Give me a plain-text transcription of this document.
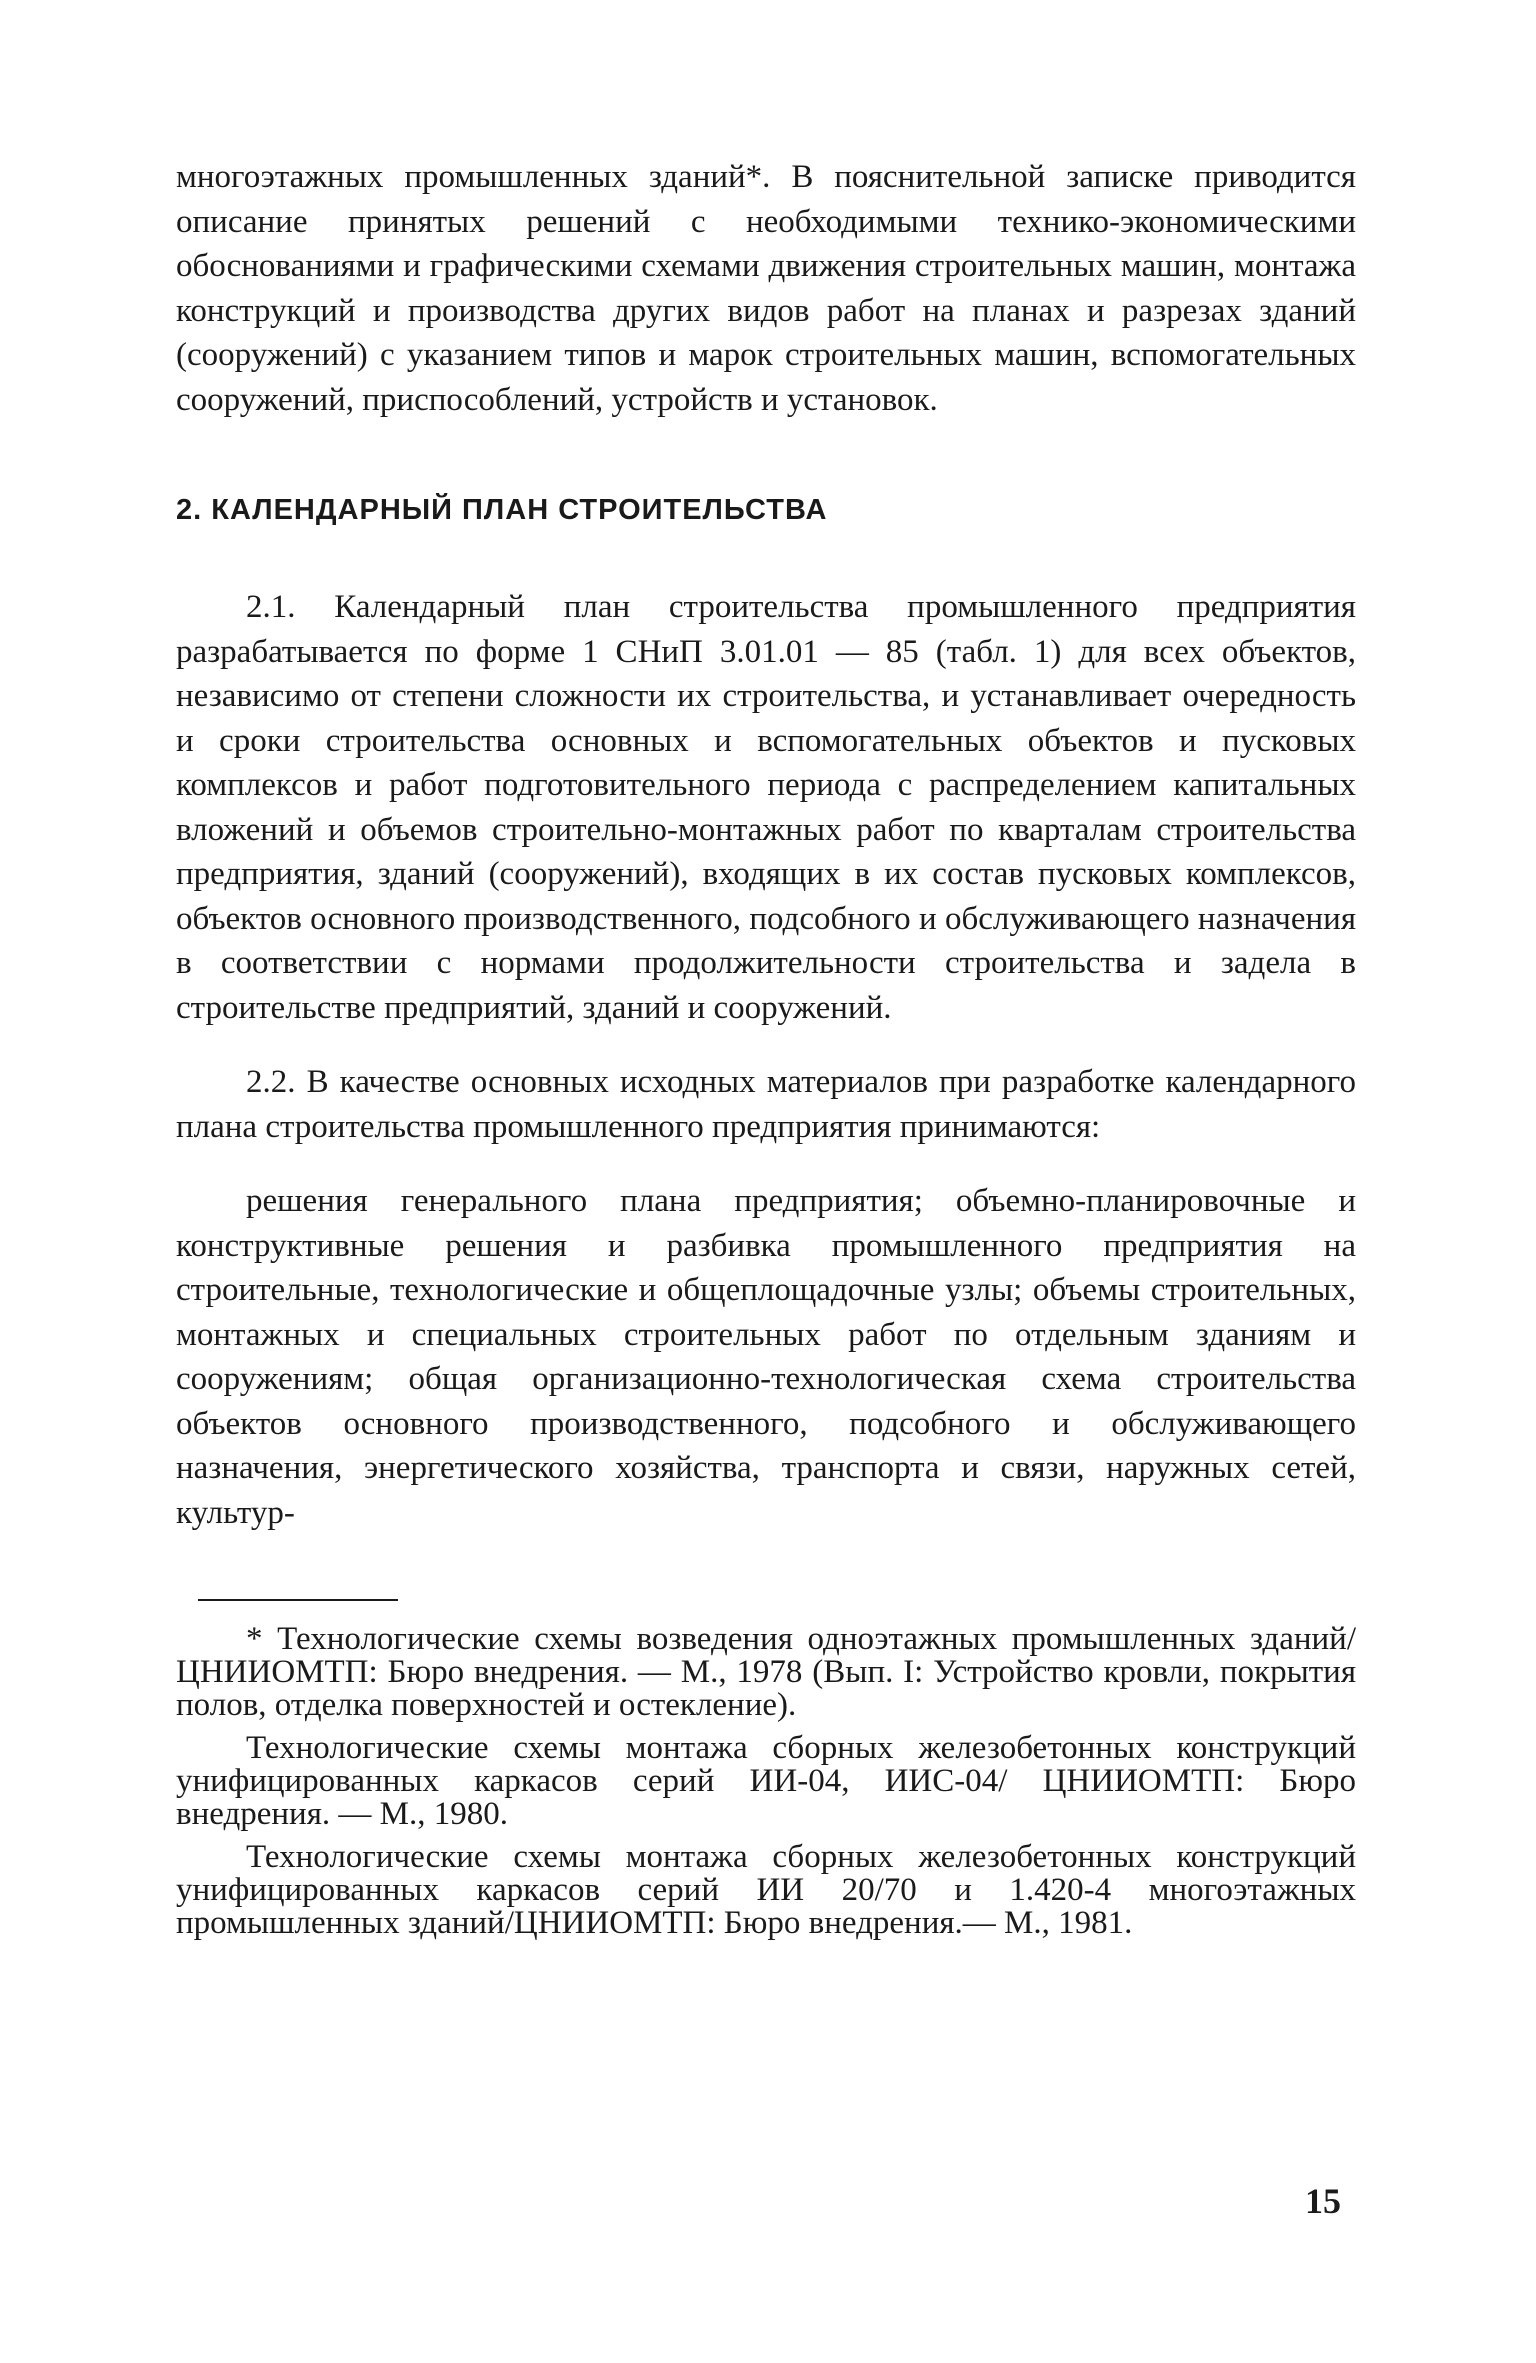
многоэтажных промышленных зданий*. В пояснительной записке приводится описание принятых решений с необходимыми технико-экономическими обоснованиями и графическими схемами движения строительных машин, монтажа конструкций и производства других видов работ на планах и разрезах зданий (сооружений) с указанием типов и марок строительных машин, вспомогательных сооружений, приспособлений, устройств и установок.

2. КАЛЕНДАРНЫЙ ПЛАН СТРОИТЕЛЬСТВА

2.1. Календарный план строительства промышленного предприятия разрабатывается по форме 1 СНиП 3.01.01 — 85 (табл. 1) для всех объектов, независимо от степени сложности их строительства, и устанавливает очередность и сроки строительства основных и вспомогательных объектов и пусковых комплексов и работ подготовительного периода с распределением капитальных вложений и объемов строительно-монтажных работ по кварталам строительства предприятия, зданий (сооружений), входящих в их состав пусковых комплексов, объектов основного производственного, подсобного и обслуживающего назначения в соответствии с нормами продолжительности строительства и задела в строительстве предприятий, зданий и сооружений.

2.2. В качестве основных исходных материалов при разработке календарного плана строительства промышленного предприятия принимаются:

решения генерального плана предприятия; объемно-планировочные и конструктивные решения и разбивка промышленного предприятия на строительные, технологические и общеплощадочные узлы; объемы строительных, монтажных и специальных строительных работ по отдельным зданиям и сооружениям; общая организационно-технологическая схема строительства объектов основного производственного, подсобного и обслуживающего назначения, энергетического хозяйства, транспорта и связи, наружных сетей, культур-

* Технологические схемы возведения одноэтажных промышленных зданий/ЦНИИОМТП: Бюро внедрения. — М., 1978 (Вып. I: Устройство кровли, покрытия полов, отделка поверхностей и остекление).

Технологические схемы монтажа сборных железобетонных конструкций унифицированных каркасов серий ИИ-04, ИИС-04/ ЦНИИОМТП: Бюро внедрения. — М., 1980.

Технологические схемы монтажа сборных железобетонных конструкций унифицированных каркасов серий ИИ 20/70 и 1.420-4 многоэтажных промышленных зданий/ЦНИИОМТП: Бюро внедрения.— М., 1981.

15
